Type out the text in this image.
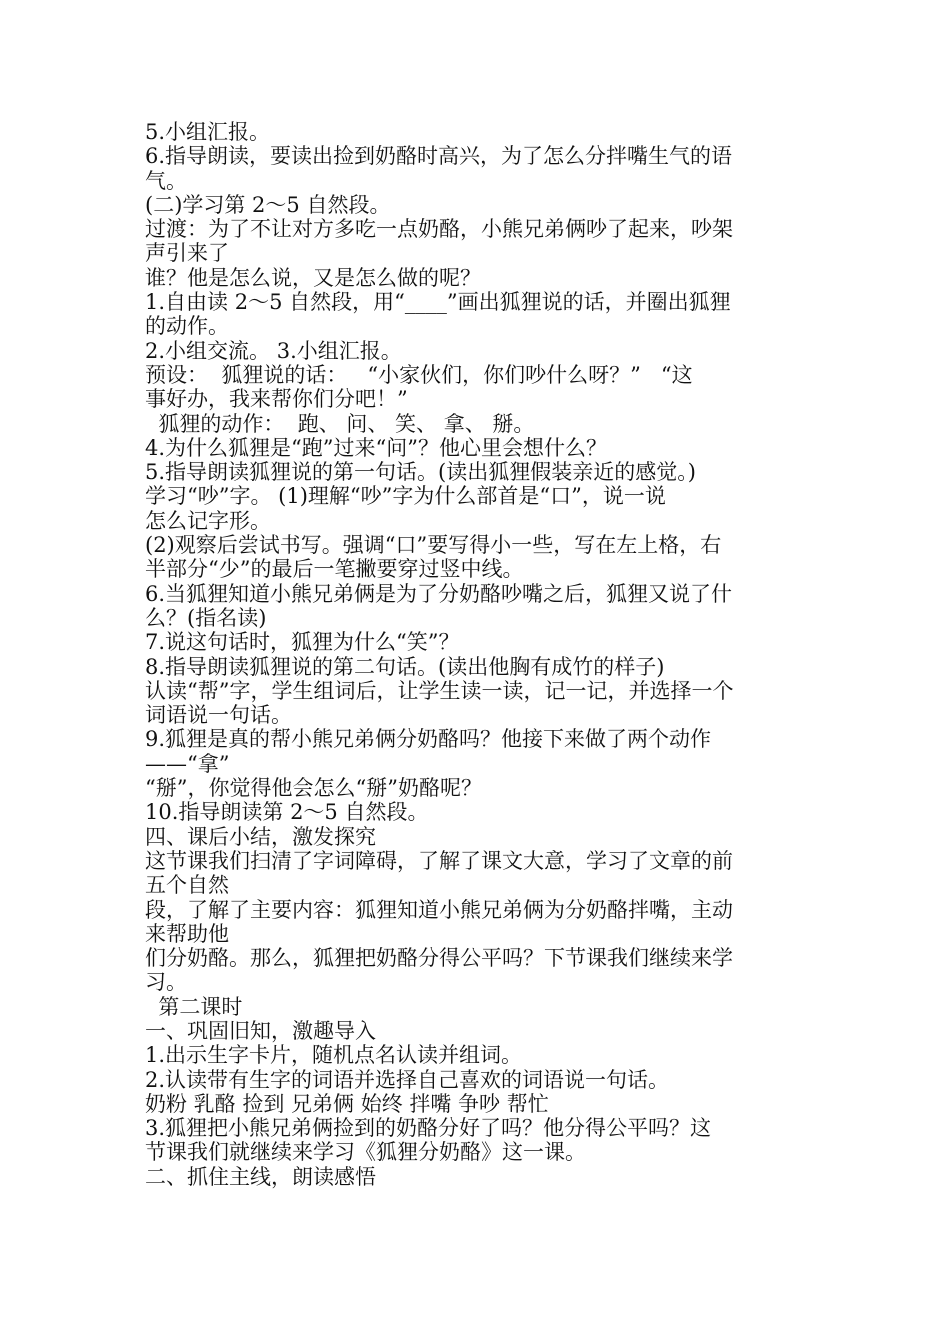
5.小组汇报。
6.指导朗读，要读出捡到奶酪时高兴，为了怎么分拌嘴生气的语
气。
(二)学习第 2～5 自然段。
过渡：为了不让对方多吃一点奶酪，小熊兄弟俩吵了起来，吵架
声引来了
谁？他是怎么说，又是怎么做的呢？
1.自由读 2～5 自然段，用“____”画出狐狸说的话，并圈出狐狸
的动作。
2.小组交流。 3.小组汇报。
预设：  狐狸说的话：   “小家伙们，你们吵什么呀？”   “这
事好办，我来帮你们分吧！”
狐狸的动作：  跑、 问、 笑、 拿、 掰。
4.为什么狐狸是“跑”过来“问”？他心里会想什么？
5.指导朗读狐狸说的第一句话。(读出狐狸假装亲近的感觉。)
学习“吵”字。 (1)理解“吵”字为什么部首是“口”，说一说
怎么记字形。
(2)观察后尝试书写。强调“口”要写得小一些，写在左上格，右
半部分“少”的最后一笔撇要穿过竖中线。
6.当狐狸知道小熊兄弟俩是为了分奶酪吵嘴之后，狐狸又说了什
么？(指名读)
7.说这句话时，狐狸为什么“笑”？
8.指导朗读狐狸说的第二句话。(读出他胸有成竹的样子)
认读“帮”字，学生组词后，让学生读一读，记一记，并选择一个
词语说一句话。
9.狐狸是真的帮小熊兄弟俩分奶酪吗？他接下来做了两个动作
——“拿”
“掰”，你觉得他会怎么“掰”奶酪呢？
10.指导朗读第 2～5 自然段。
四、课后小结，激发探究
这节课我们扫清了字词障碍，了解了课文大意，学习了文章的前
五个自然
段，了解了主要内容：狐狸知道小熊兄弟俩为分奶酪拌嘴，主动
来帮助他
们分奶酪。那么，狐狸把奶酪分得公平吗？下节课我们继续来学
习。
第二课时
一、巩固旧知，激趣导入
1.出示生字卡片，随机点名认读并组词。
2.认读带有生字的词语并选择自己喜欢的词语说一句话。
奶粉 乳酪 捡到 兄弟俩 始终 拌嘴 争吵 帮忙
3.狐狸把小熊兄弟俩捡到的奶酪分好了吗？他分得公平吗？这
节课我们就继续来学习《狐狸分奶酪》这一课。
二、抓住主线，朗读感悟
